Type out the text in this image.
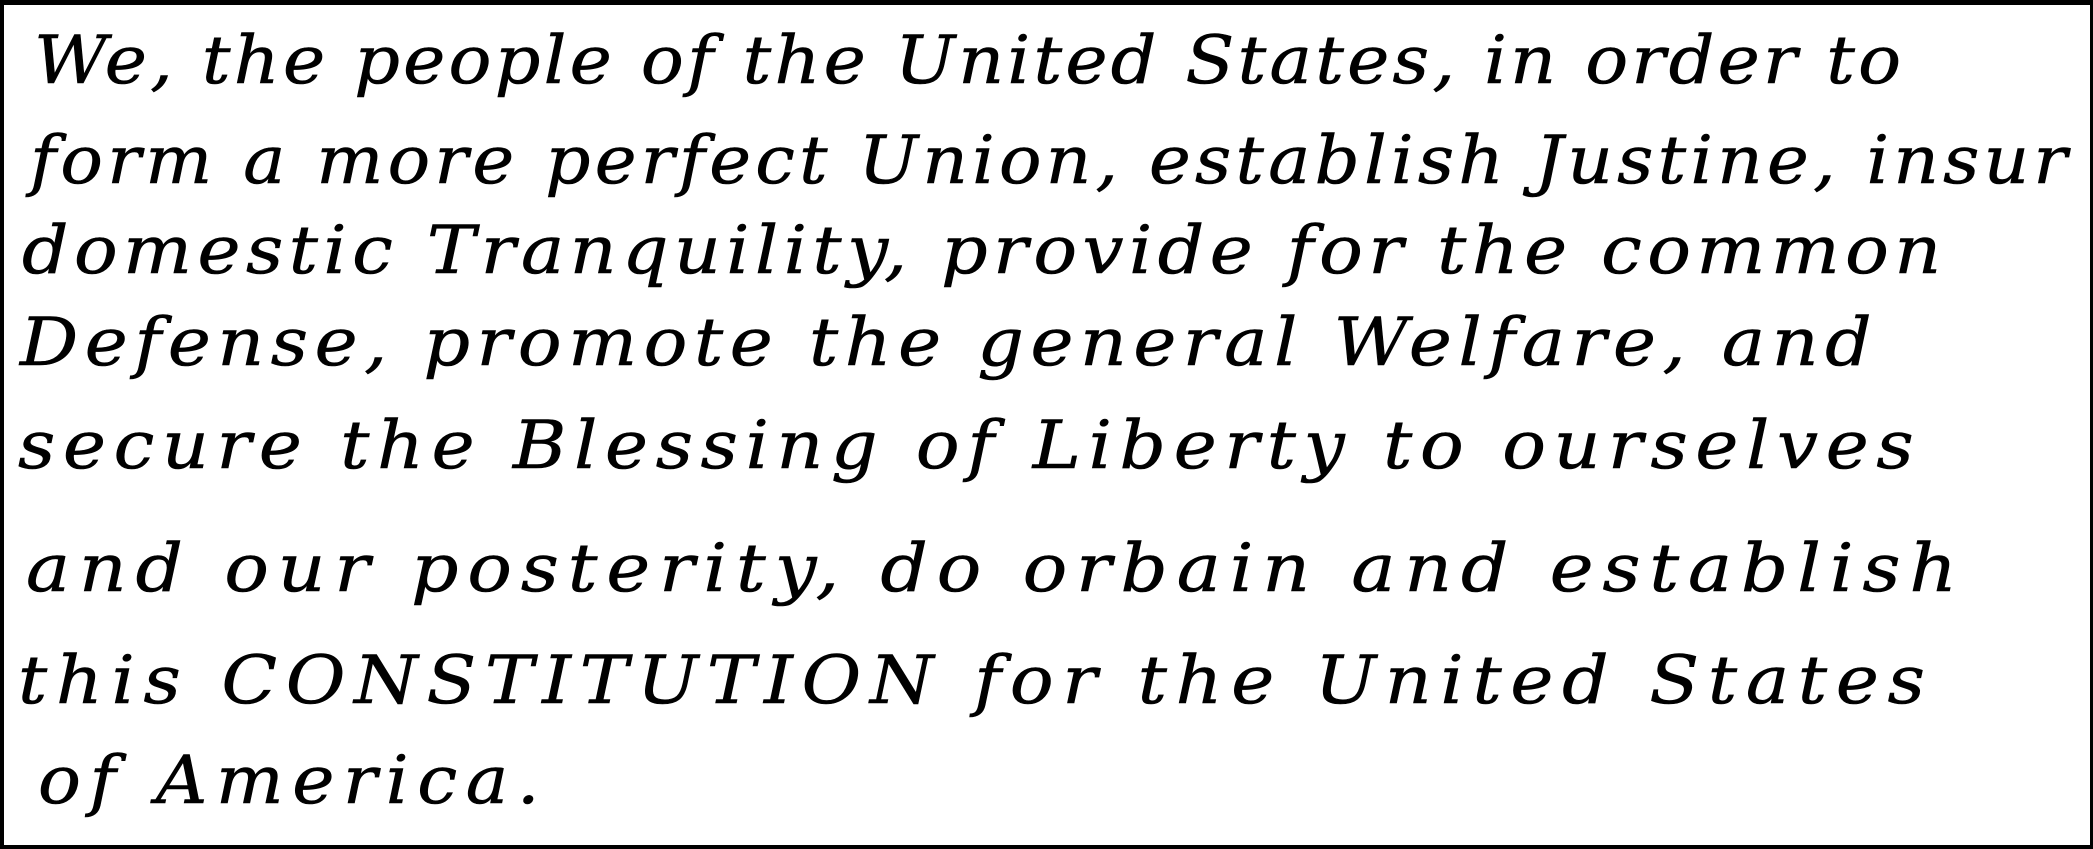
We, the people of the United States, in order to
form a more perfect Union, establish Justine, insur
domestic Tranquility, provide for the common
Defense, promote the general Welfare, and
secure the Blessing of Liberty to ourselves
and our posterity, do orbain and establish
this CONSTITUTION for the United States
of America.
